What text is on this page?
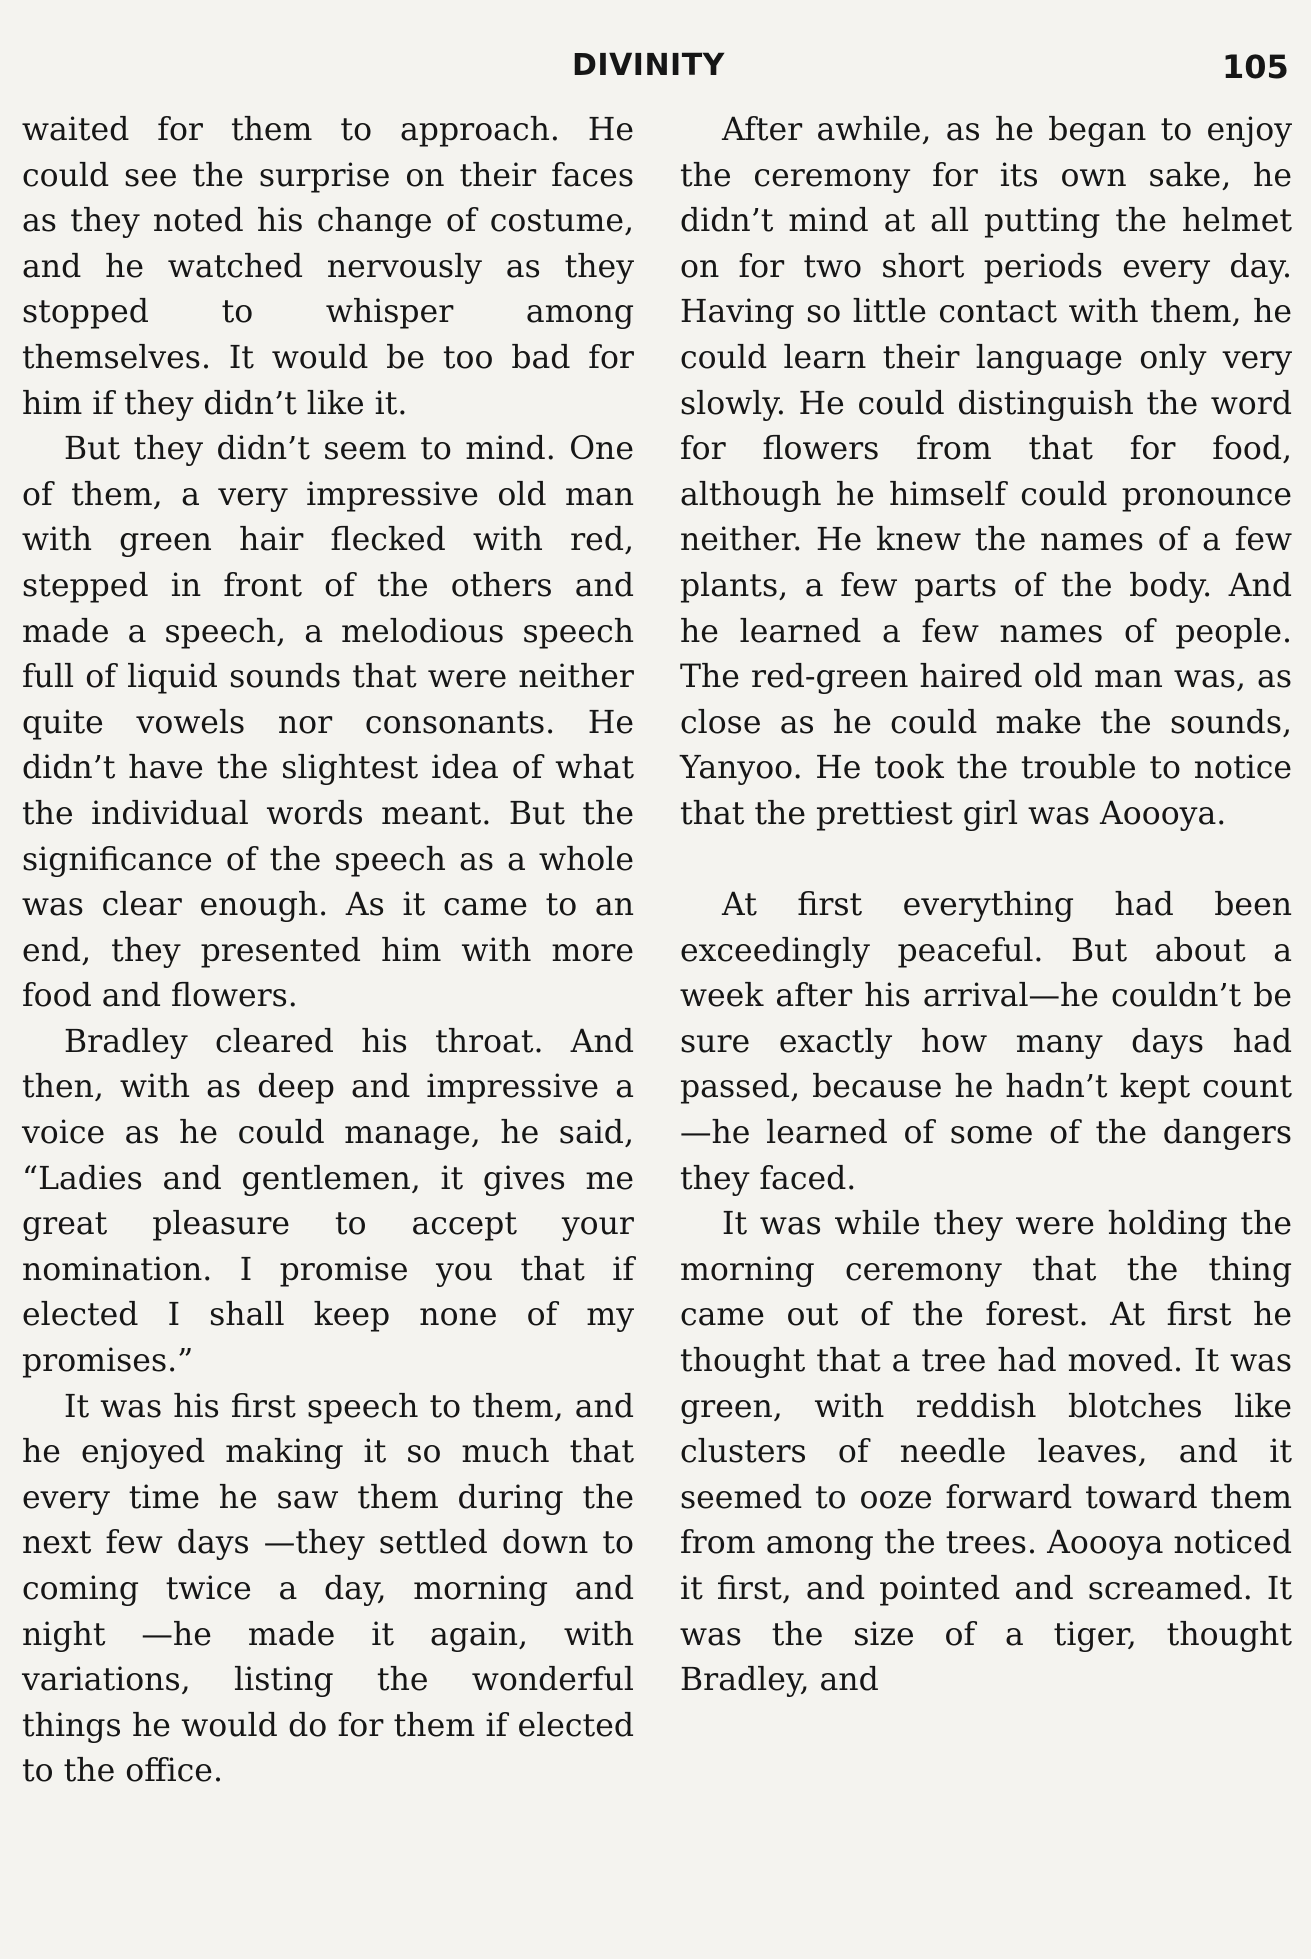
DIVINITY	105

waited for them to approach. He could see the surprise on their faces as they noted his change of costume, and he watched nervously as they stopped to whisper among themselves. It would be too bad for him if they didn’t like it.

But they didn’t seem to mind. One of them, a very impressive old man with green hair flecked with red, stepped in front of the others and made a speech, a melodious speech full of liquid sounds that were neither quite vowels nor consonants. He didn’t have the slightest idea of what the individual words meant. But the significance of the speech as a whole was clear enough. As it came to an end, they presented him with more food and flowers.

Bradley cleared his throat. And then, with as deep and impressive a voice as he could manage, he said, “Ladies and gentlemen, it gives me great pleasure to accept your nomination. I promise you that if elected I shall keep none of my promises.”

It was his first speech to them, and he enjoyed making it so much that every time he saw them during the next few days —they settled down to coming twice a day, morning and night —he made it again, with variations, listing the wonderful things he would do for them if elected to the office.

After awhile, as he began to enjoy the ceremony for its own sake, he didn’t mind at all putting the helmet on for two short periods every day. Having so little contact with them, he could learn their language only very slowly. He could distinguish the word for flowers from that for food, although he himself could pronounce neither. He knew the names of a few plants, a few parts of the body. And he learned a few names of people. The red-green haired old man was, as close as he could make the sounds, Yanyoo. He took the trouble to notice that the prettiest girl was Aoooya.

At first everything had been exceedingly peaceful. But about a week after his arrival—he couldn’t be sure exactly how many days had passed, because he hadn’t kept count—he learned of some of the dangers they faced.

It was while they were holding the morning ceremony that the thing came out of the forest. At first he thought that a tree had moved. It was green, with reddish blotches like clusters of needle leaves, and it seemed to ooze forward toward them from among the trees. Aoooya noticed it first, and pointed and screamed. It was the size of a tiger, thought Bradley, and
